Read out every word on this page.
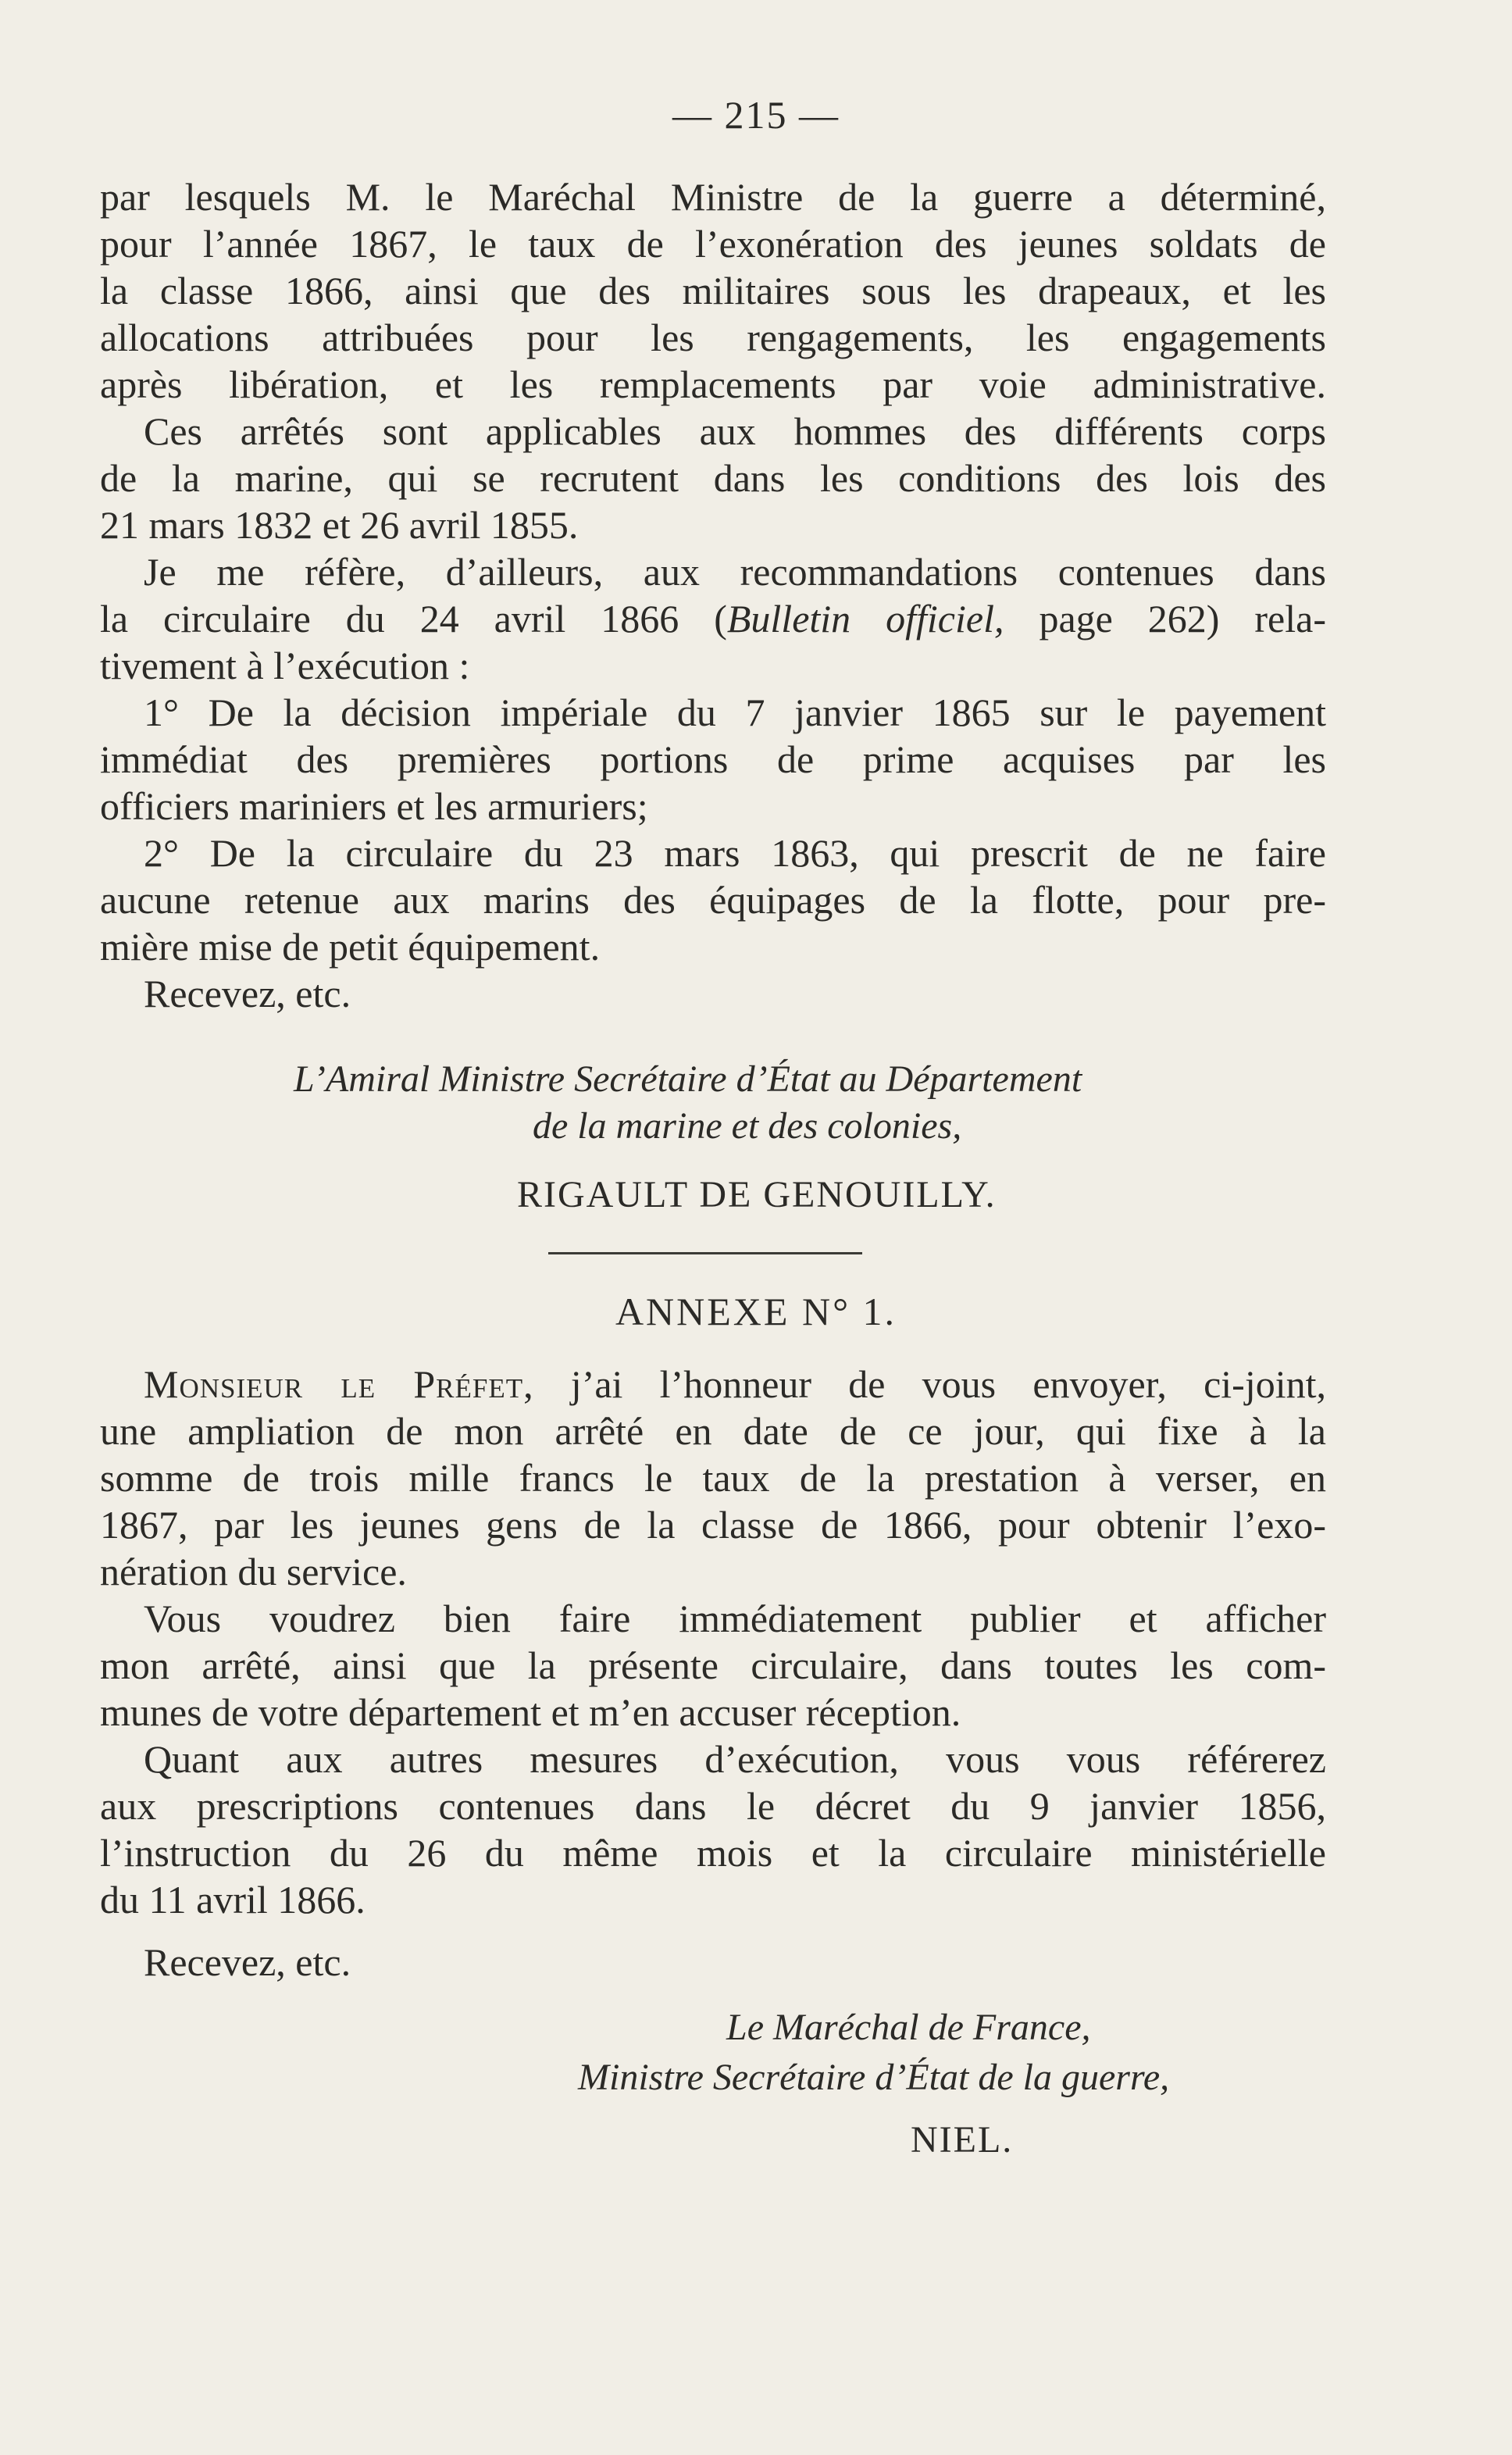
— 215 —
par lesquels M. le Maréchal Ministre de la guerre a déterminé,
pour l’année 1867, le taux de l’exonération des jeunes soldats de
la classe 1866, ainsi que des militaires sous les drapeaux, et les
allocations attribuées pour les rengagements, les engagements
après libération, et les remplacements par voie administrative.
Ces arrêtés sont applicables aux hommes des différents corps
de la marine, qui se recrutent dans les conditions des lois des
21 mars 1832 et 26 avril 1855.
Je me réfère, d’ailleurs, aux recommandations contenues dans
la circulaire du 24 avril 1866 (Bulletin officiel, page 262) rela-
tivement à l’exécution :
1° De la décision impériale du 7 janvier 1865 sur le payement
immédiat des premières portions de prime acquises par les
officiers mariniers et les armuriers;
2° De la circulaire du 23 mars 1863, qui prescrit de ne faire
aucune retenue aux marins des équipages de la flotte, pour pre-
mière mise de petit équipement.
Recevez, etc.
L’Amiral Ministre Secrétaire d’État au Département
de la marine et des colonies,
RIGAULT DE GENOUILLY.
ANNEXE N° 1.
Monsieur le Préfet, j’ai l’honneur de vous envoyer, ci-joint,
une ampliation de mon arrêté en date de ce jour, qui fixe à la
somme de trois mille francs le taux de la prestation à verser, en
1867, par les jeunes gens de la classe de 1866, pour obtenir l’exo-
nération du service.
Vous voudrez bien faire immédiatement publier et afficher
mon arrêté, ainsi que la présente circulaire, dans toutes les com-
munes de votre département et m’en accuser réception.
Quant aux autres mesures d’exécution, vous vous référerez
aux prescriptions contenues dans le décret du 9 janvier 1856,
l’instruction du 26 du même mois et la circulaire ministérielle
du 11 avril 1866.
Recevez, etc.
Le Maréchal de France,
Ministre Secrétaire d’État de la guerre,
NIEL.
